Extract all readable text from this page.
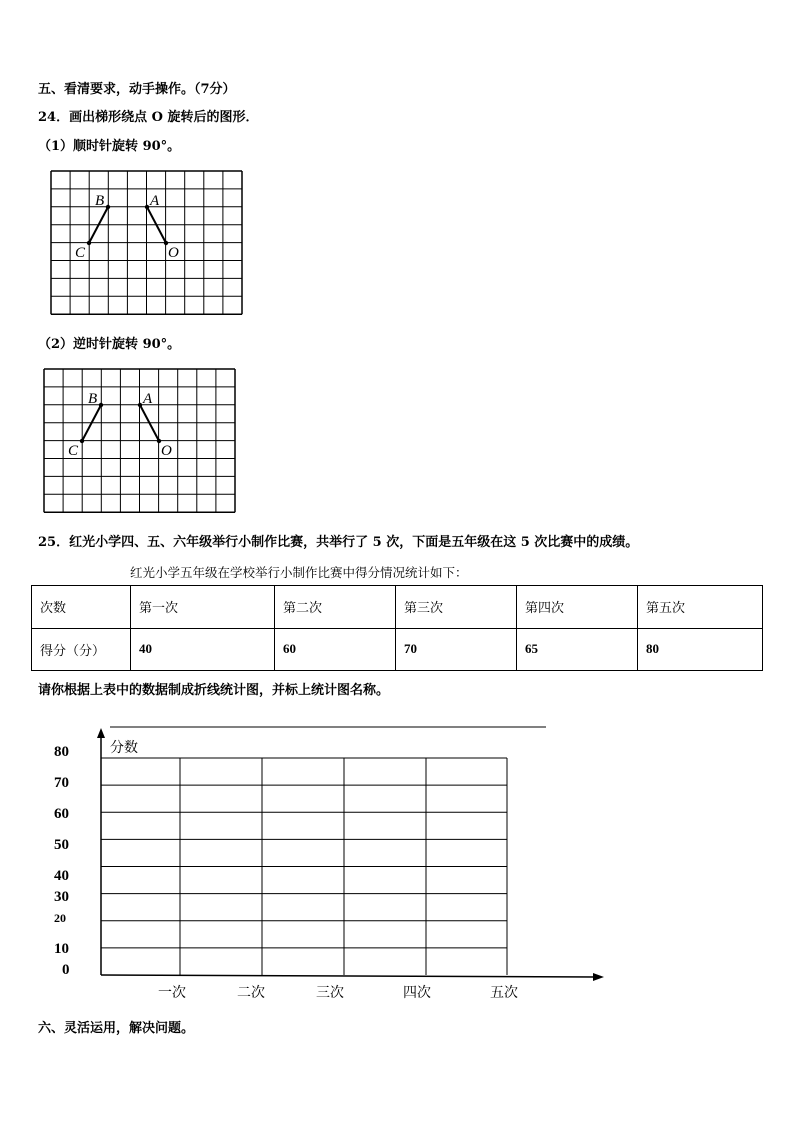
五、看清要求，动手操作。（7分）
24．画出梯形绕点 O 旋转后的图形．
（1）顺时针旋转 90°。
B	A
C	O
（2）逆时针旋转 90°。
B	A
C	O
25．红光小学四、五、六年级举行小制作比赛，共举行了 5 次，下面是五年级在这 5 次比赛中的成绩。
红光小学五年级在学校举行小制作比赛中得分情况统计如下：
次数	第一次	第二次	第三次	第四次	第五次
得分（分）	40	60	70	65	80
请你根据上表中的数据制成折线统计图，并标上统计图名称。
分数
80
70
60
50
40
30
20
10
0
一次	二次	三次	四次	五次
六、灵活运用，解决问题。
